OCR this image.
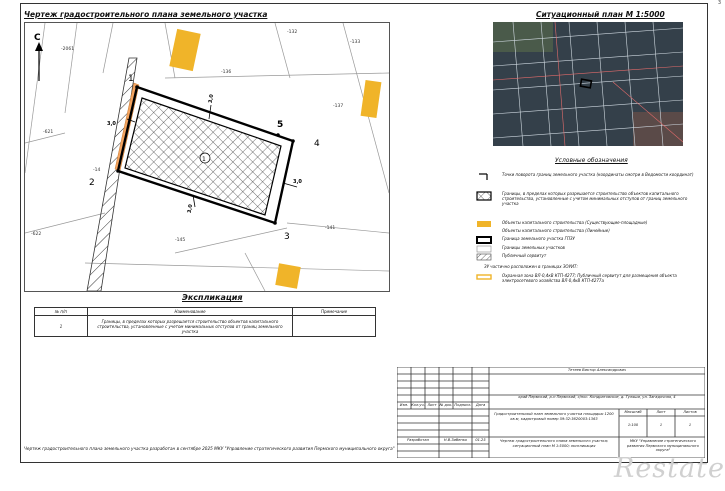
3
Чертеж градостроительного плана земельного участка	Ситуационный план М 1:5000
С
1
2
3
4
5
1
3,0
3,0
3,0
3,0
-2061
-132
-133
-136
-137
-621
-141
-145
-622
-14
Условные обозначения
Точки поворота границ земельного участка (координаты смотри в Ведомости координат)
Границы, в пределах которых разрешается строительство объектов капитального строительства, установленные с учетом минимальных отступов от границ земельного участка
Объекты капитального строительства (Существующие-площадные)
Объекты капитального строительства (Линейные)
Граница земельного участка ГПЗУ
Границы земельных участков
Публичный сервитут
ЗУ частично расположен в границах ЗОУИТ:
Охранная зона ВЛ-0,4кВ КТП-4277; Публичный сервитут для размещения объекта электросетевого хозяйства ВЛ-0,4кВ КТП-4277а
Экспликация
№ п/п	Наименование	Примечание
1	Границы, в пределах которых разрешается строительство объектов капитального строительства, установленные с учетом минимальных отступов от границ земельного участка	
Тетеев Виктор Александрович
край Пермский, р-н Пермский, с/пос. Кондратовское, д. Гуляши, ул. Загадочная, 4
Изм. Кол.уч. Лист № док. Подпись	Дата
Градостроительный план земельного участка площадью 1200 кв.м, кадастровый номер 59:32:3620003:1363
Масштаб	Лист	Листов
1:100	1	1
Разработал	Н.В.Зибенко	01.25	Чертеж градостроительного плана земельного участка; ситуационный план М 1:5000; экспликация
МКУ "Управление стратегического развития Пермского муниципального округа"
Чертеж градостроительного плана земельного участка разработан в сентябре 2025 МКУ "Управление стратегического развития Пермского муниципального округа"
Restate
